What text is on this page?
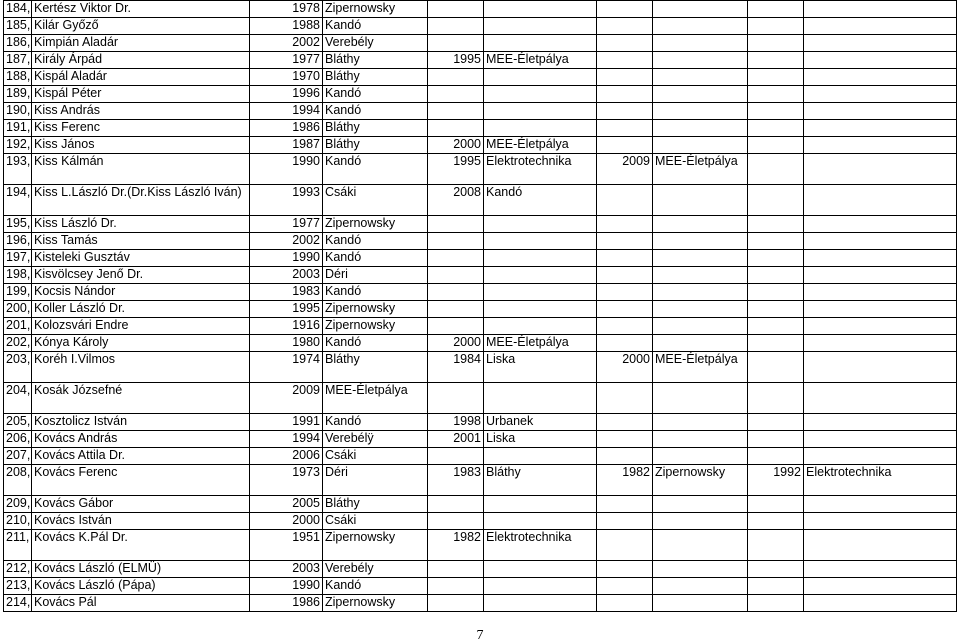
184,	Kertész Viktor Dr.	1978	Zipernowsky						
185,	Kilár Győző	1988	Kandó						
186,	Kimpián Aladár	2002	Verebély						
187,	Király Árpád	1977	Bláthy	1995	MEE-Életpálya				
188,	Kispál Aladár	1970	Bláthy						
189,	Kispál Péter	1996	Kandó						
190,	Kiss András	1994	Kandó						
191,	Kiss Ferenc	1986	Bláthy						
192,	Kiss János	1987	Bláthy	2000	MEE-Életpálya				
193,	Kiss Kálmán	1990	Kandó	1995	Elektrotechnika	2009	MEE-Életpálya		
194,	Kiss L.László Dr.(Dr.Kiss László Iván)	1993	Csáki	2008	Kandó				
195,	Kiss László Dr.	1977	Zipernowsky						
196,	Kiss Tamás	2002	Kandó						
197,	Kisteleki Gusztáv	1990	Kandó						
198,	Kisvölcsey Jenő Dr.	2003	Déri						
199,	Kocsis Nándor	1983	Kandó						
200,	Koller László Dr.	1995	Zipernowsky						
201,	Kolozsvári Endre	1916	Zipernowsky						
202,	Kónya Károly	1980	Kandó	2000	MEE-Életpálya				
203,	Koréh I.Vilmos	1974	Bláthy	1984	Liska	2000	MEE-Életpálya		
204,	Kosák Józsefné	2009	MEE-Életpálya						
205,	Kosztolicz István	1991	Kandó	1998	Urbanek				
206,	Kovács András	1994	Verebélÿ	2001	Liska				
207,	Kovács Attila Dr.	2006	Csáki						
208,	Kovács Ferenc	1973	Déri	1983	Bláthy	1982	Zipernowsky	1992	Elektrotechnika
209,	Kovács Gábor	2005	Bláthy						
210,	Kovács István	2000	Csáki						
211,	Kovács K.Pál Dr.	1951	Zipernowsky	1982	Elektrotechnika				
212,	Kovács László (ELMÜ)	2003	Verebély						
213,	Kovács László (Pápa)	1990	Kandó						
214,	Kovács Pál	1986	Zipernowsky						
7
